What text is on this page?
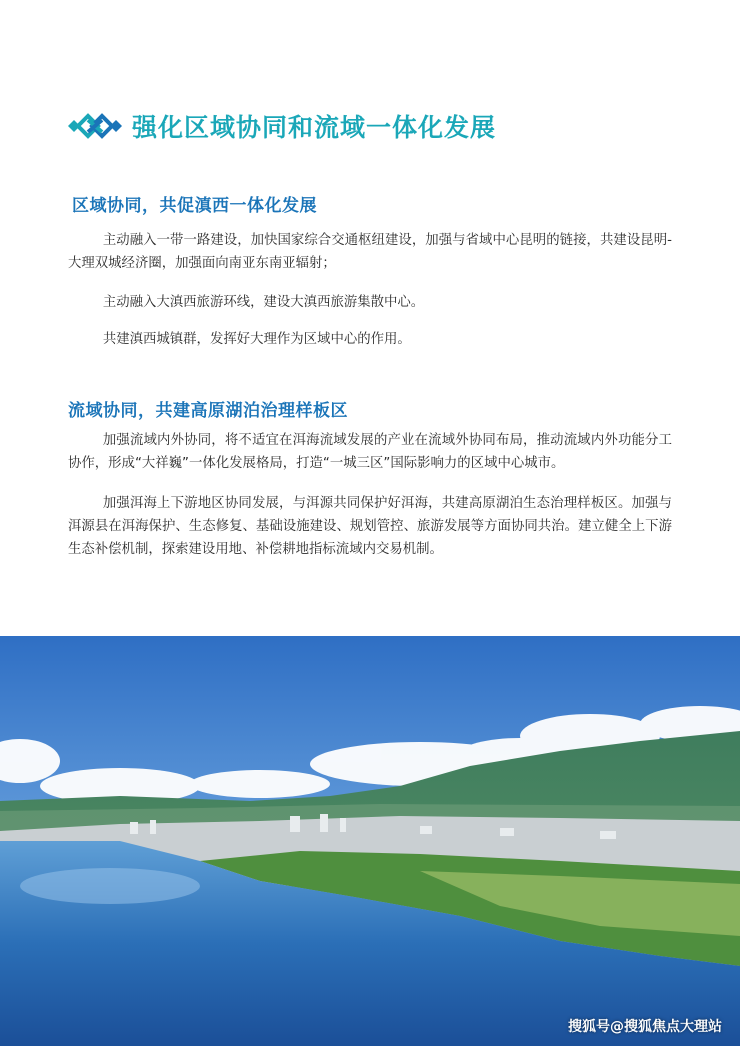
强化区域协同和流域一体化发展
区域协同，共促滇西一体化发展

主动融入一带一路建设，加快国家综合交通枢纽建设，加强与省域中心昆明的链接，共建设昆明-大理双城经济圈，加强面向南亚东南亚辐射；

主动融入大滇西旅游环线，建设大滇西旅游集散中心。

共建滇西城镇群，发挥好大理作为区域中心的作用。

流域协同，共建高原湖泊治理样板区

加强流域内外协同，将不适宜在洱海流域发展的产业在流域外协同布局，推动流域内外功能分工协作，形成“大祥巍”一体化发展格局，打造“一城三区”国际影响力的区域中心城市。

加强洱海上下游地区协同发展，与洱源共同保护好洱海，共建高原湖泊生态治理样板区。加强与洱源县在洱海保护、生态修复、基础设施建设、规划管控、旅游发展等方面协同共治。建立健全上下游生态补偿机制，探索建设用地、补偿耕地指标流域内交易机制。

搜狐号@搜狐焦点大理站
